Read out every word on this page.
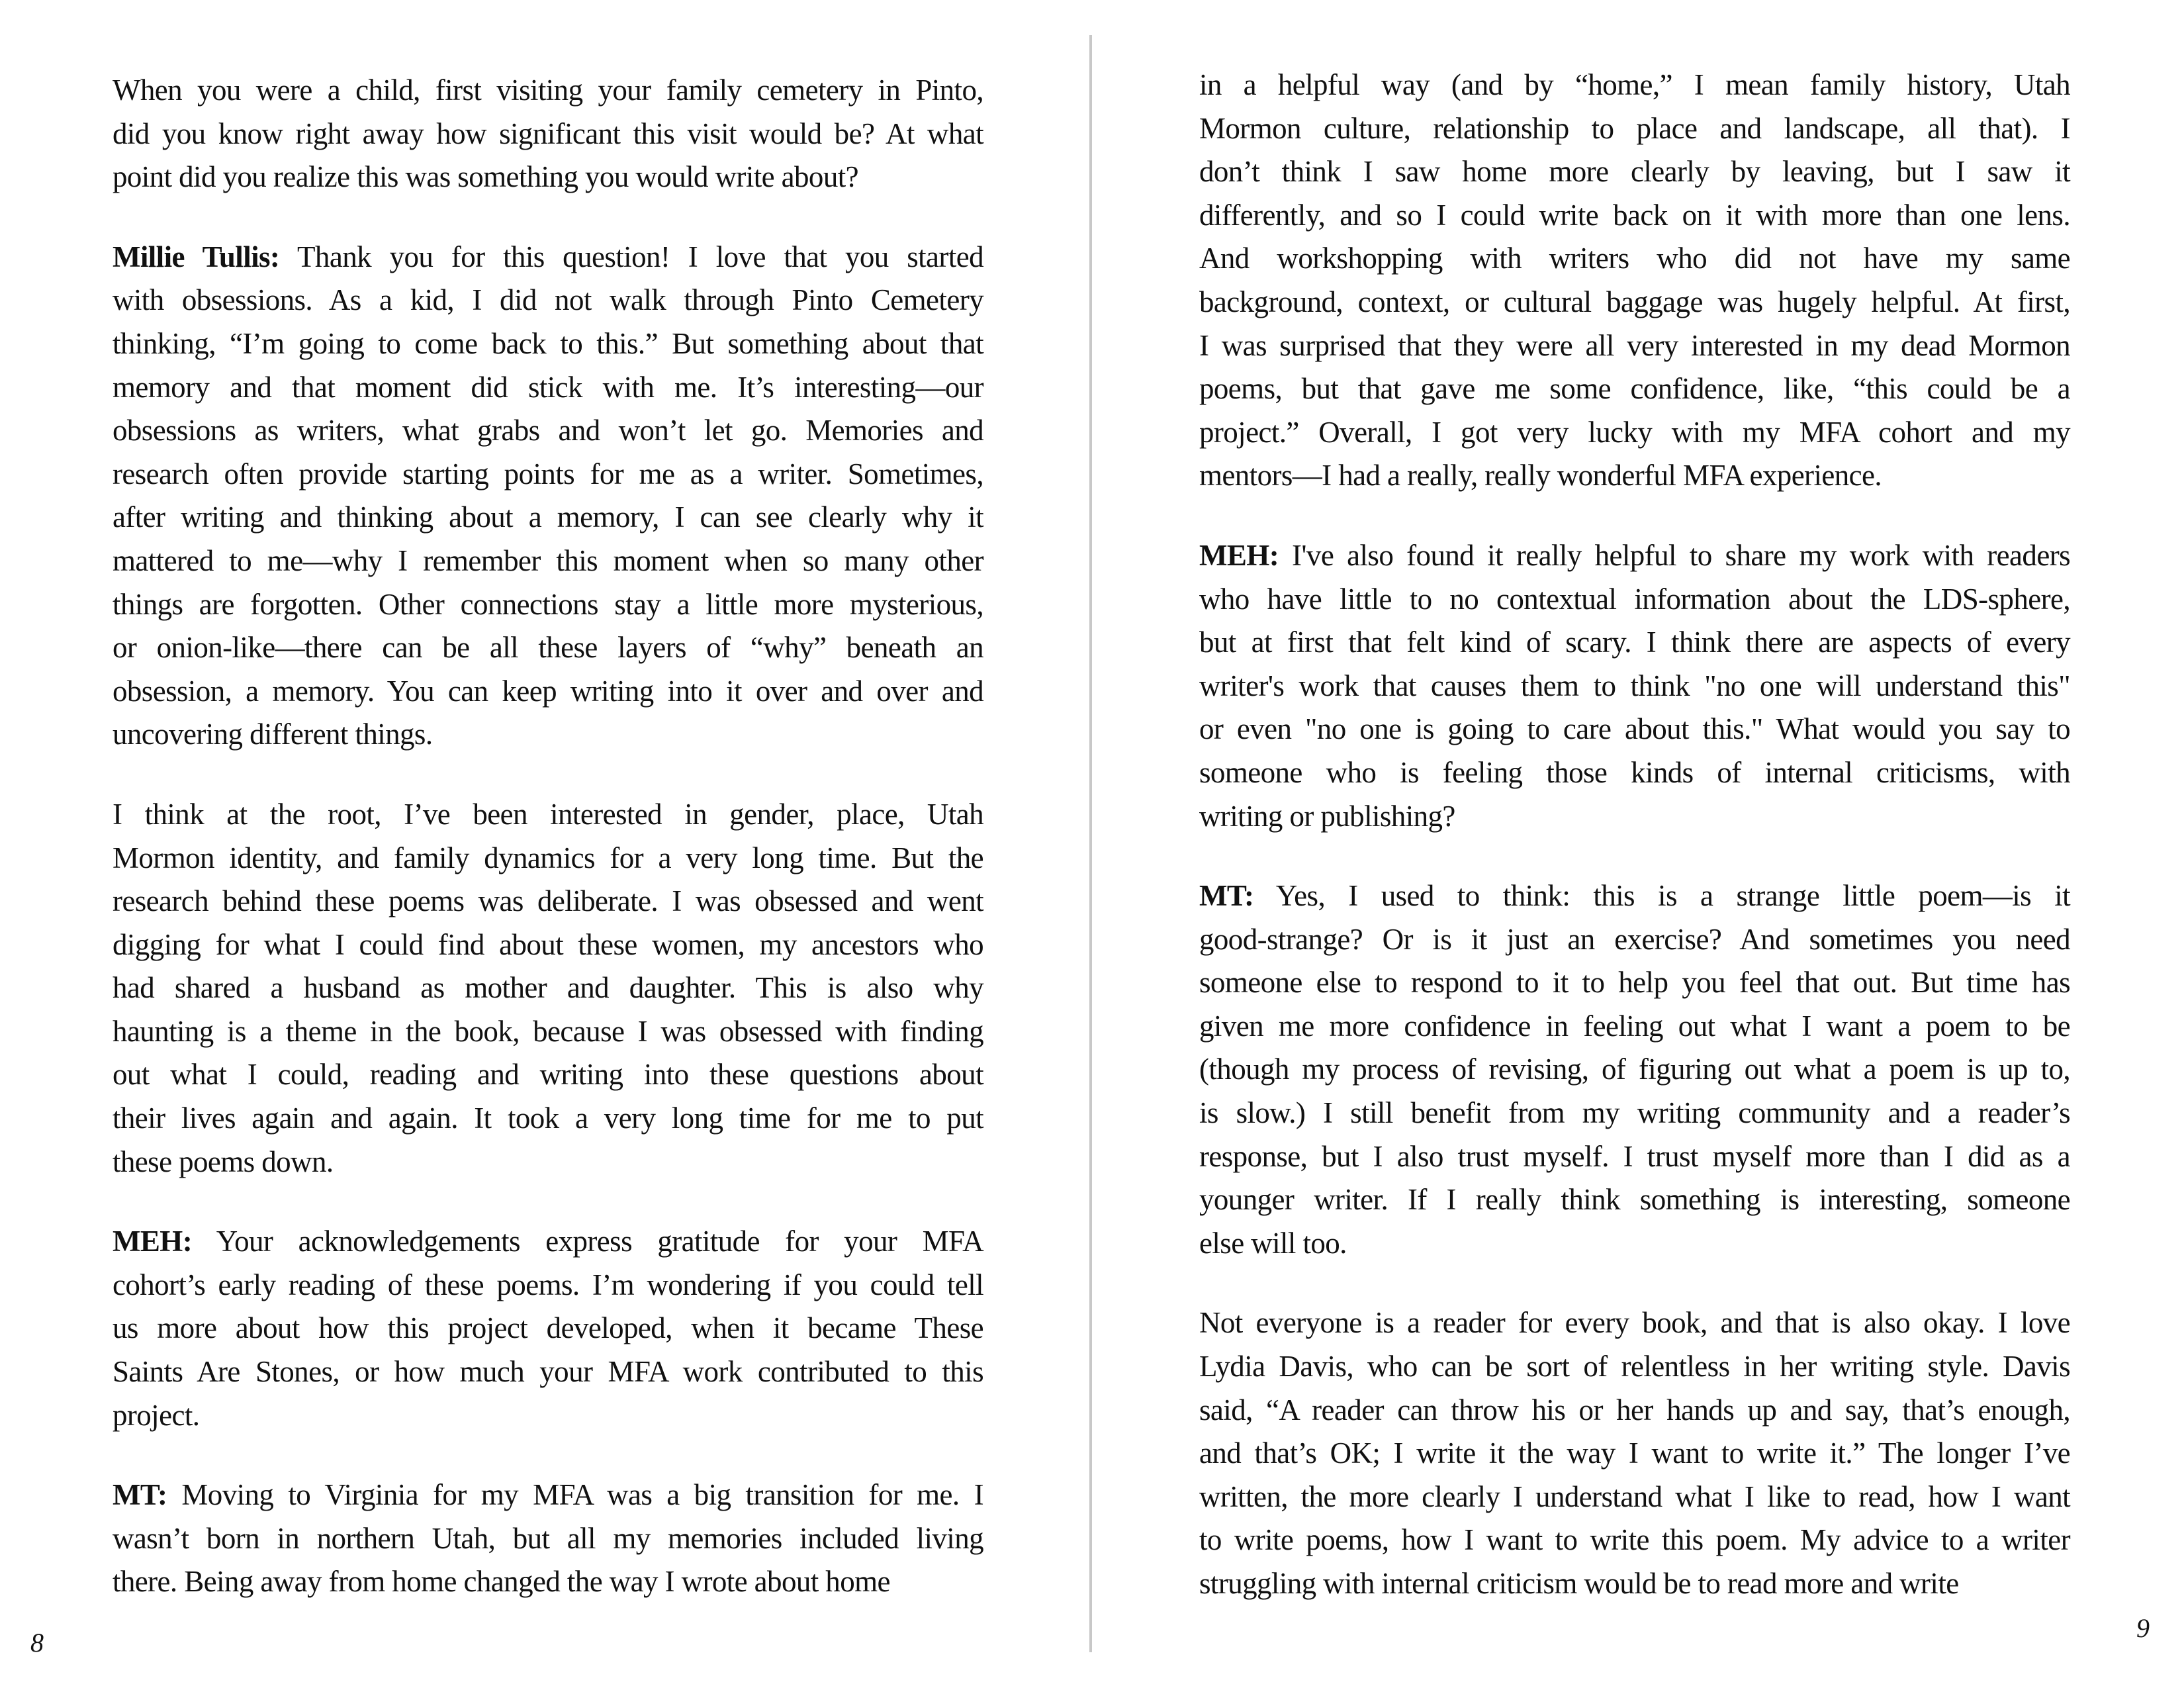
When you were a child, first visiting your family cemetery in Pinto,
did you know right away how significant this visit would be? At what
point did you realize this was something you would write about?

Millie Tullis: Thank you for this question! I love that you started
with obsessions. As a kid, I did not walk through Pinto Cemetery
thinking, “I’m going to come back to this.” But something about that
memory and that moment did stick with me. It’s interesting—our
obsessions as writers, what grabs and won’t let go. Memories and
research often provide starting points for me as a writer. Sometimes,
after writing and thinking about a memory, I can see clearly why it
mattered to me—why I remember this moment when so many other
things are forgotten. Other connections stay a little more mysterious,
or onion-like—there can be all these layers of “why” beneath an
obsession, a memory. You can keep writing into it over and over and
uncovering different things.

I think at the root, I’ve been interested in gender, place, Utah
Mormon identity, and family dynamics for a very long time. But the
research behind these poems was deliberate. I was obsessed and went
digging for what I could find about these women, my ancestors who
had shared a husband as mother and daughter. This is also why
haunting is a theme in the book, because I was obsessed with finding
out what I could, reading and writing into these questions about
their lives again and again. It took a very long time for me to put
these poems down.

MEH: Your acknowledgements express gratitude for your MFA
cohort’s early reading of these poems. I’m wondering if you could tell
us more about how this project developed, when it became These
Saints Are Stones, or how much your MFA work contributed to this
project.

MT: Moving to Virginia for my MFA was a big transition for me. I
wasn’t born in northern Utah, but all my memories included living
there. Being away from home changed the way I wrote about home

in a helpful way (and by “home,” I mean family history, Utah
Mormon culture, relationship to place and landscape, all that). I
don’t think I saw home more clearly by leaving, but I saw it
differently, and so I could write back on it with more than one lens.
And workshopping with writers who did not have my same
background, context, or cultural baggage was hugely helpful. At first,
I was surprised that they were all very interested in my dead Mormon
poems, but that gave me some confidence, like, “this could be a
project.” Overall, I got very lucky with my MFA cohort and my
mentors—I had a really, really wonderful MFA experience.

MEH: I've also found it really helpful to share my work with readers
who have little to no contextual information about the LDS-sphere,
but at first that felt kind of scary. I think there are aspects of every
writer's work that causes them to think "no one will understand this"
or even "no one is going to care about this." What would you say to
someone who is feeling those kinds of internal criticisms, with
writing or publishing?

MT: Yes, I used to think: this is a strange little poem—is it
good-strange? Or is it just an exercise? And sometimes you need
someone else to respond to it to help you feel that out. But time has
given me more confidence in feeling out what I want a poem to be
(though my process of revising, of figuring out what a poem is up to,
is slow.) I still benefit from my writing community and a reader’s
response, but I also trust myself. I trust myself more than I did as a
younger writer. If I really think something is interesting, someone
else will too.

Not everyone is a reader for every book, and that is also okay. I love
Lydia Davis, who can be sort of relentless in her writing style. Davis
said, “A reader can throw his or her hands up and say, that’s enough,
and that’s OK; I write it the way I want to write it.” The longer I’ve
written, the more clearly I understand what I like to read, how I want
to write poems, how I want to write this poem. My advice to a writer
struggling with internal criticism would be to read more and write

8	9
